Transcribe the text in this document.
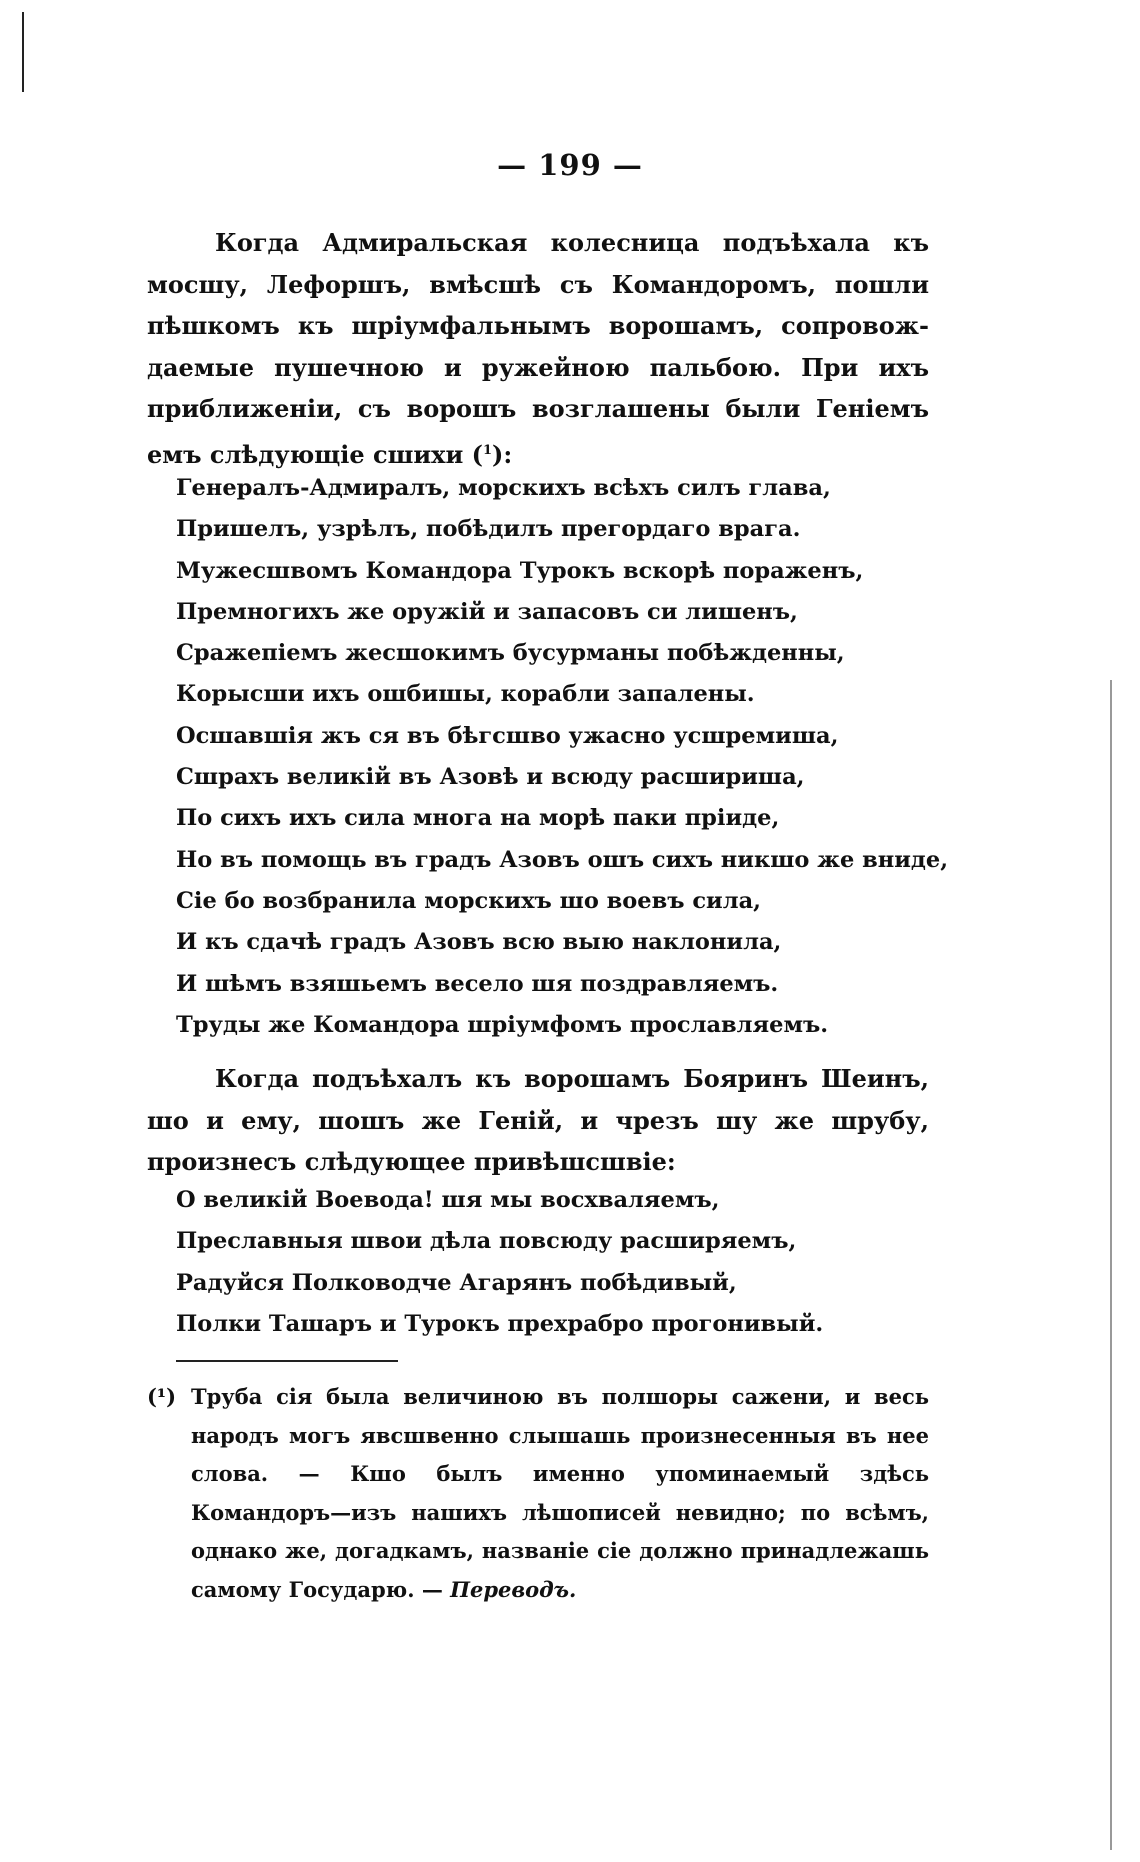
— 199 —

Когда Адмиральская колесница подъѣхала къ мосшу, Лефоршъ, вмѣсшѣ съ Командоромъ, пошли пѣшкомъ къ шріумфальнымъ ворошамъ, сопровож- даемые пушечною и ружейною пальбою. При ихъ приближеніи, съ ворошъ возглашены были Геніемъ емъ слѣдующіе сшихи ($^1$):

Генералъ-Адмиралъ, морскихъ всѣхъ силъ глава,
Пришелъ, узрѣлъ, побѣдилъ прегордаго врага.
Мужесшвомъ Командора Турокъ вскорѣ пораженъ,
Премногихъ же оружій и запасовъ си лишенъ,
Сражепіемъ жесшокимъ бусурманы побѣжденны,
Корысши ихъ ошбишы, корабли запалены.
Осшавшія жъ ся въ бѣгсшво ужасно усшремиша,
Сшрахъ великій въ Азовѣ и всюду расшириша,
По сихъ ихъ сила многа на морѣ паки пріиде,
Но въ помощь въ градъ Азовъ ошъ сихъ никшо же вниде,
Сіе бо возбранила морскихъ шо воевъ сила,
И къ сдачѣ градъ Азовъ всю выю наклонила,
И шѣмъ взяшьемъ весело шя поздравляемъ.
Труды же Командора шріумфомъ прославляемъ.

Когда подъѣхалъ къ ворошамъ Бояринъ Шеинъ, шо и ему, шошъ же Геній, и чрезъ шу же шрубу, произнесъ слѣдующее привѣшсшвіе:

О великій Воевода! шя мы восхваляемъ,
Преславныя швои дѣла повсюду расширяемъ,
Радуйся Полководче Агарянъ побѣдивый,
Полки Ташаръ и Турокъ прехрабро прогонивый.

(¹) Труба сія была величиною въ полшоры сажени, и весь народъ могъ явсшвенно слышашь произнесенныя въ нее слова. — Кшо былъ именно упоминаемый здѣсь Командоръ—изъ нашихъ лѣшописей невидно; по всѣмъ, однако же, догадкамъ, названіе сіе должно принадлежашь самому Государю. — Переводъ.
